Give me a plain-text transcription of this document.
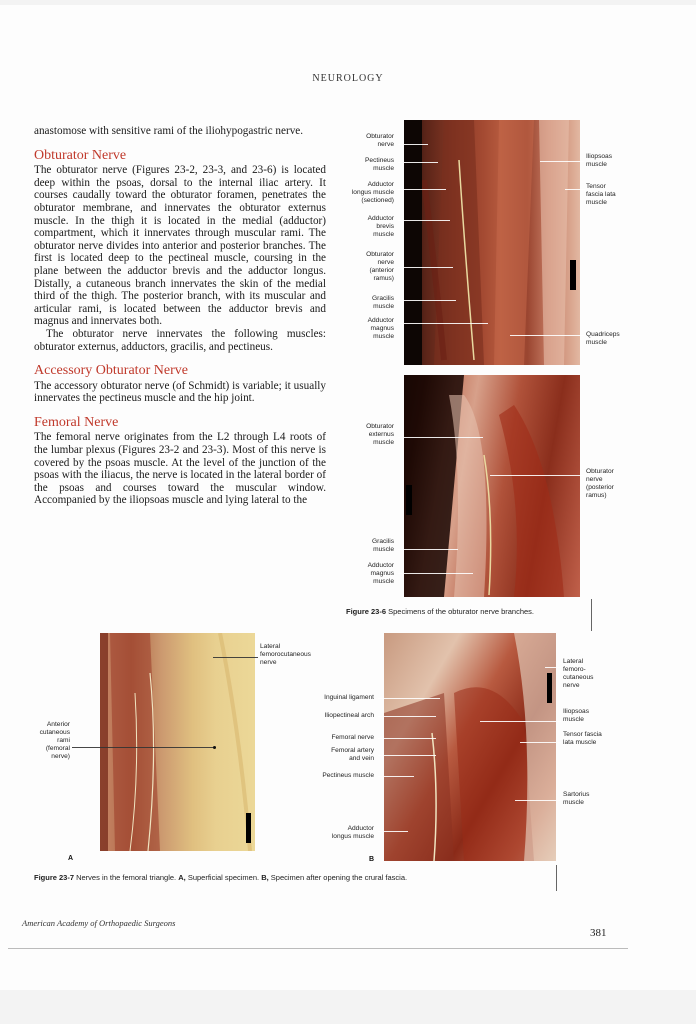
NEUROLOGY

anastomose with sensitive rami of the iliohypogastric nerve.

Obturator Nerve

The obturator nerve (Figures 23-2, 23-3, and 23-6) is located deep within the psoas, dorsal to the internal iliac artery. It courses caudally toward the obturator foramen, penetrates the obturator membrane, and innervates the obturator externus muscle. In the thigh it is located in the medial (adductor) compartment, which it innervates through muscular rami. The obturator nerve divides into anterior and posterior branches. The first is located deep to the pectineal muscle, coursing in the plane between the adductor brevis and the adductor longus. Distally, a cutaneous branch innervates the skin of the medial third of the thigh. The posterior branch, with its muscular and articular rami, is located between the adductor brevis and magnus and innervates both.

The obturator nerve innervates the following muscles: obturator externus, adductors, gracilis, and pectineus.

Accessory Obturator Nerve

The accessory obturator nerve (of Schmidt) is variable; it usually innervates the pectineus muscle and the hip joint.

Femoral Nerve

The femoral nerve originates from the L2 through L4 roots of the lumbar plexus (Figures 23-2 and 23-3). Most of this nerve is covered by the psoas muscle. At the level of the junction of the psoas with the iliacus, the nerve is located in the lateral border of the psoas and courses toward the muscular window. Accompanied by the iliopsoas muscle and lying lateral to the

Obturator
nerve
Pectineus
muscle
Adductor
longus muscle
(sectioned)
Adductor
brevis
muscle
Obturator
nerve
(anterior
ramus)
Gracilis
muscle
Adductor
magnus
muscle
Iliopsoas
muscle
Tensor
fascia lata
muscle
Quadriceps
muscle
Obturator
externus
muscle
Gracilis
muscle
Adductor
magnus
muscle
Obturator
nerve
(posterior
ramus)
Figure 23-6 Specimens of the obturator nerve branches.
Lateral
femorocutaneous
nerve
Anterior
cutaneous
rami
(femoral
nerve)
A
Inguinal ligament
Iliopectineal arch
Femoral nerve
Femoral artery
and vein
Pectineus muscle
Adductor
longus muscle
Lateral
femoro-
cutaneous
nerve
Iliopsoas
muscle
Tensor fascia
lata muscle
Sartorius
muscle
B
Figure 23-7 Nerves in the femoral triangle. A, Superficial specimen. B, Specimen after opening the crural fascia.
American Academy of Orthopaedic Surgeons
381
